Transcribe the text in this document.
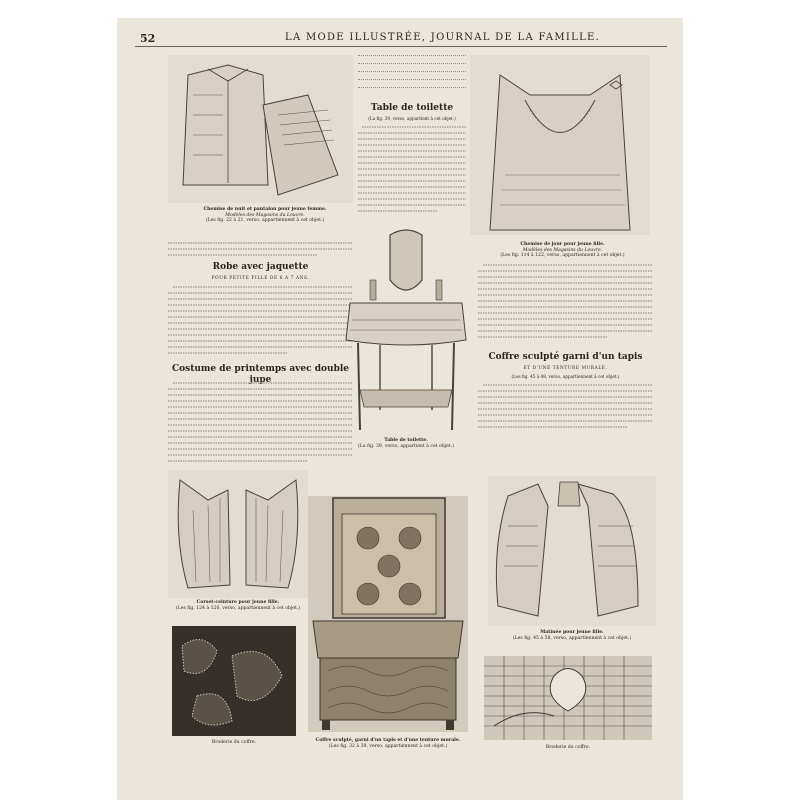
52	LA MODE ILLUSTRÉE, JOURNAL DE LA FAMILLE.
Chemise de nuit et pantalon pour jeune femme.
Modèles des Magasins du Louvre.
(Les fig. 22 à 21, verso, appartiennent à cet objet.)
Chemise de jour pour jeune fille.
Modèles des Magasins du Louvre.
(Les fig. 114 à 122, verso, appartiennent à cet objet.)
Table de toilette
(La fig. 39, verso, appartient à cet objet.)
Robe avec jaquette
POUR PETITE FILLE DE 6 A 7 ANS.
Costume de printemps avec double jupe
Table de toilette.
(La fig. 39, verso, appartient à cet objet.)
Coffre sculpté garni d'un tapis
ET D'UNE TENTURE MURALE.
(Les fig. 45 à 48, verso, appartiennent à cet objet.)
Corset-ceinture pour jeune fille.
(Les fig. 124 à 126, verso, appartiennent à cet objet.)
Coffre sculpté, garni d'un tapis et d'une tenture murale.
(Les fig. 32 à 39, verso, appartiennent à cet objet.)
Matinée pour jeune fille.
(Les fig. 45 à 58, verso, appartiennent à cet objet.)
Broderie du coffre.
Broderie du coffre.
